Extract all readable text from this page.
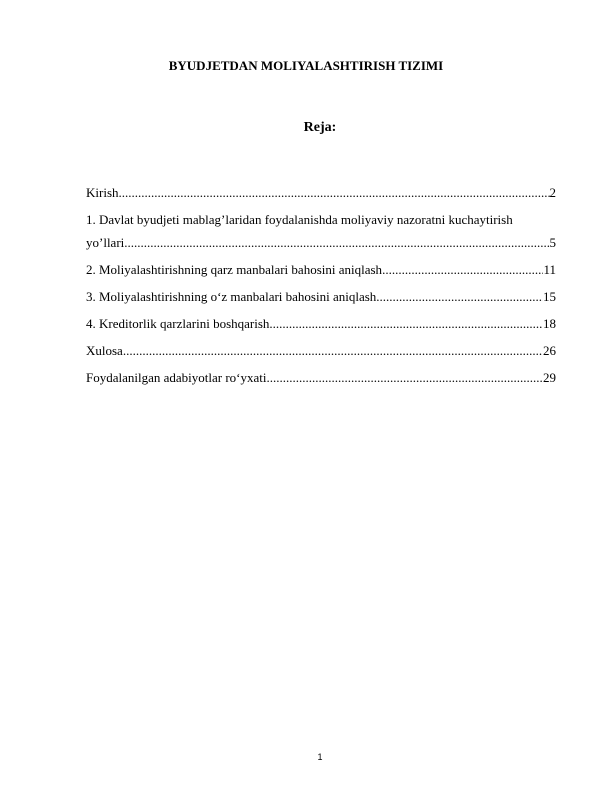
BYUDJETDAN MOLIYALASHTIRISH TIZIMI
Reja:
Kirish .....	2
1. Davlat byudjeti mablag’laridan foydalanishda moliyaviy nazoratni kuchaytirish
yo’llari .....	5
2. Moliyalashtirishning qarz manbalari bahosini aniqlash .....	11
3. Moliyalashtirishning o‘z manbalari bahosini aniqlash .....	15
4. Kreditorlik qarzlarini boshqarish .....	18
Xulosa .....	26
Foydalanilgan adabiyotlar ro‘yxati .....	29
1
